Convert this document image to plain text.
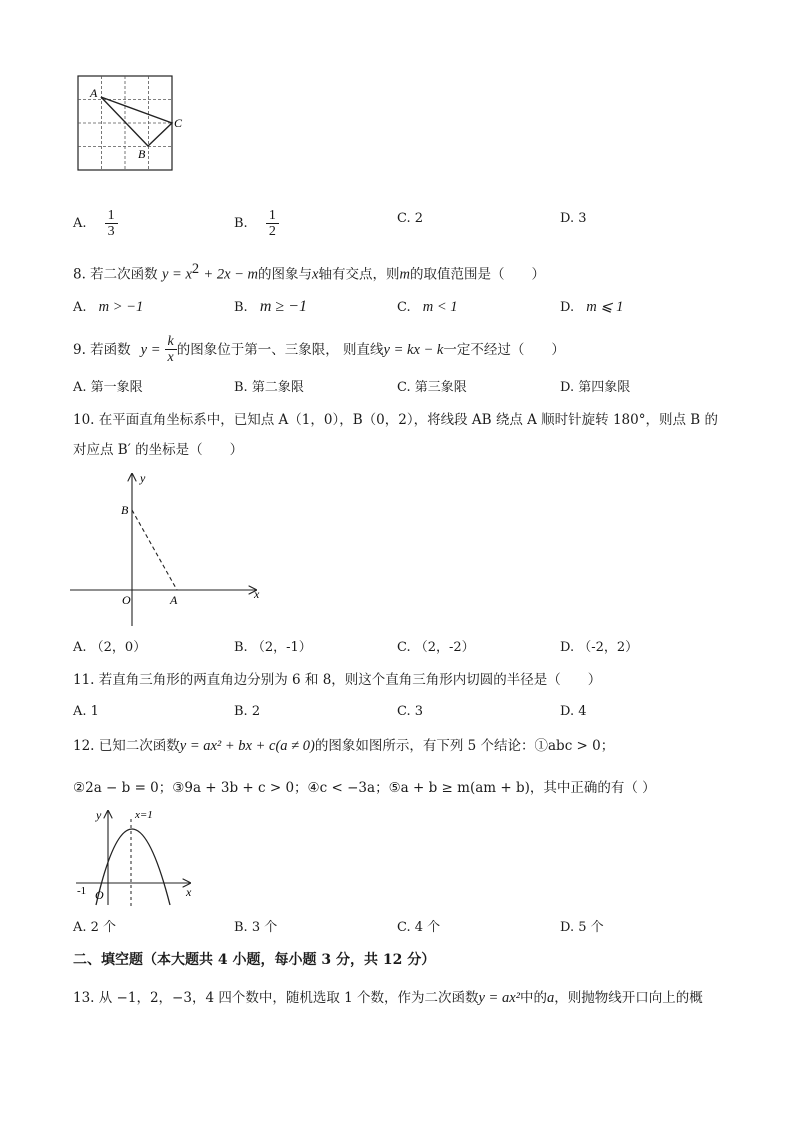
A
C
B
A. $\frac{1}{3}$	B. $\frac{1}{2}$	C. 2	D. 3
8. 若二次函数 $y = x^2 + 2x - m$的图象与x轴有交点，则m的取值范围是（　　）
A. m > −1	B. m ≥ −1	C. m < 1	D. m ⩽ 1
9. 若函数 $y = \frac{k}{x}$ 的图象位于第一、三象限， 则直线 y = kx − k 一定不经过（　　）
A. 第一象限	B. 第二象限	C. 第三象限	D. 第四象限
10. 在平面直角坐标系中，已知点 A（1，0），B（0，2），将线段 AB 绕点 A 顺时针旋转 180°，则点 B 的
对应点 B′ 的坐标是（　　）
y
x
B
O	A
A. （2，0）	B. （2，-1）	C. （2，-2）	D. （-2，2）
11. 若直角三角形的两直角边分别为 6 和 8，则这个直角三角形内切圆的半径是（　　）
A. 1	B. 2	C. 3	D. 4
12. 已知二次函数y = ax² + bx + c(a ≠ 0)的图象如图所示，有下列 5 个结论：①abc > 0；
②2a − b = 0；③9a + 3b + c > 0；④c < −3a；⑤a + b ≥ m(am + b)，其中正确的有（ ）
y	x=1
-1 O	x
A. 2 个	B. 3 个	C. 4 个	D. 5 个
二、填空题（本大题共 4 小题，每小题 3 分，共 12 分）
13. 从 −1，2，−3，4 四个数中，随机选取 1 个数，作为二次函数y = ax²中的a，则抛物线开口向上的概
